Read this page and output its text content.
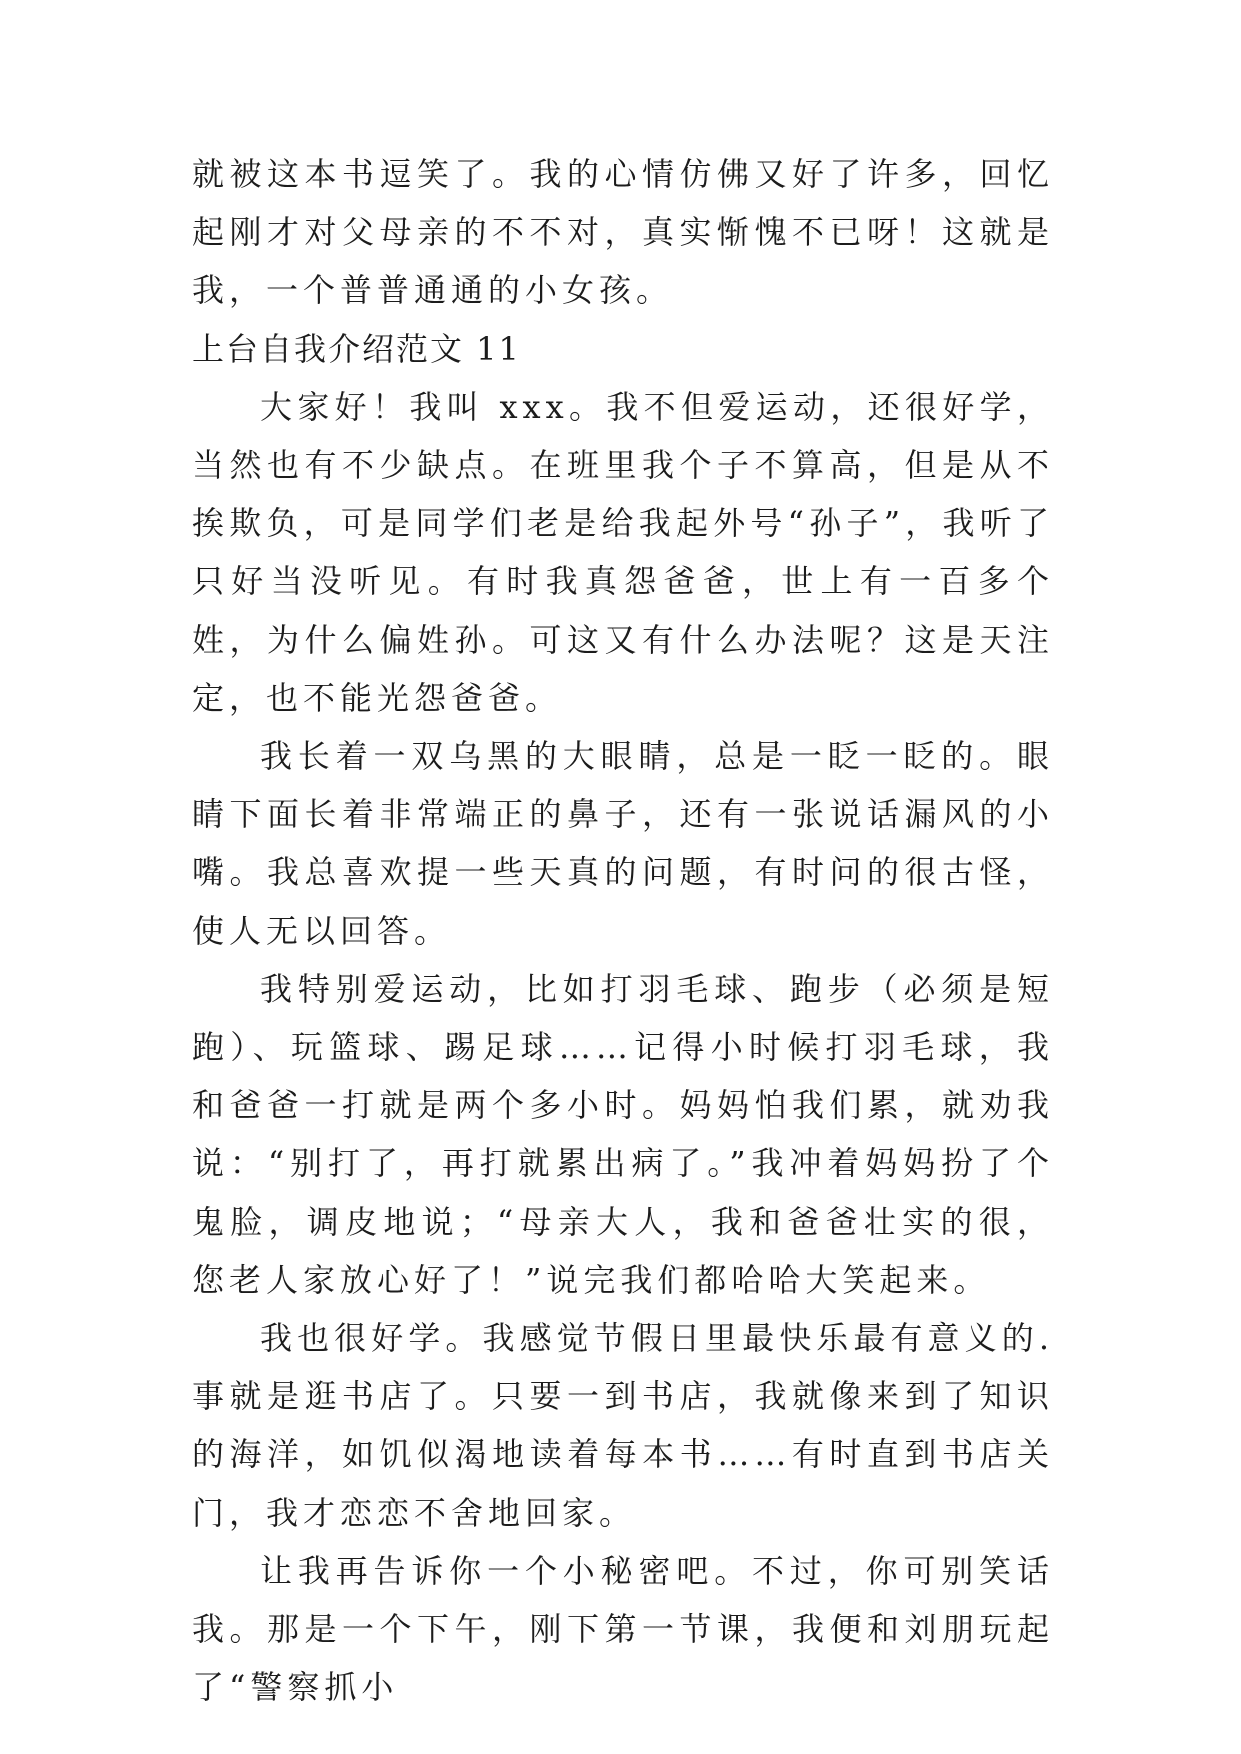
就被这本书逗笑了。我的心情仿佛又好了许多，回忆起刚才对父母亲的不不对，真实惭愧不已呀！这就是我，一个普普通通的小女孩。

上台自我介绍范文 11

大家好！我叫 xxx。我不但爱运动，还很好学，当然也有不少缺点。在班里我个子不算高，但是从不挨欺负，可是同学们老是给我起外号“孙子”，我听了只好当没听见。有时我真怨爸爸，世上有一百多个姓，为什么偏姓孙。可这又有什么办法呢？这是天注定，也不能光怨爸爸。

我长着一双乌黑的大眼睛，总是一眨一眨的。眼睛下面长着非常端正的鼻子，还有一张说话漏风的小嘴。我总喜欢提一些天真的问题，有时问的很古怪，使人无以回答。

我特别爱运动，比如打羽毛球、跑步（必须是短跑）、玩篮球、踢足球……记得小时候打羽毛球，我和爸爸一打就是两个多小时。妈妈怕我们累，就劝我说：“别打了，再打就累出病了。”我冲着妈妈扮了个鬼脸，调皮地说；“母亲大人，我和爸爸壮实的很，您老人家放心好了！”说完我们都哈哈大笑起来。

我也很好学。我感觉节假日里最快乐最有意义的.事就是逛书店了。只要一到书店，我就像来到了知识的海洋，如饥似渴地读着每本书……有时直到书店关门，我才恋恋不舍地回家。

让我再告诉你一个小秘密吧。不过，你可别笑话我。那是一个下午，刚下第一节课，我便和刘朋玩起了“警察抓小
